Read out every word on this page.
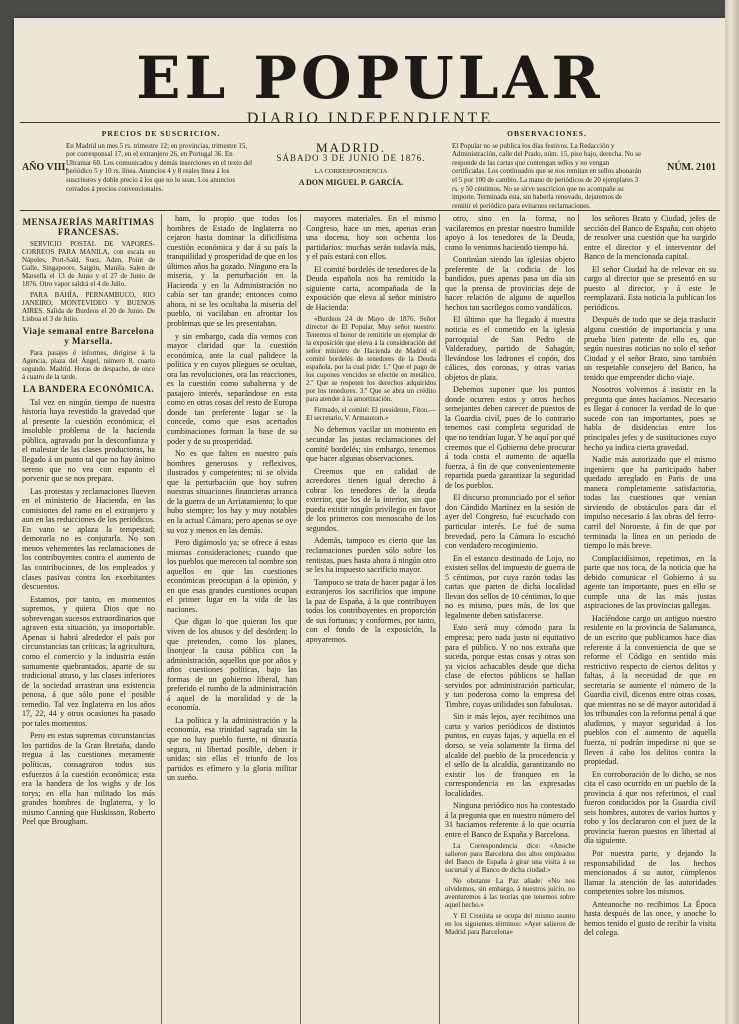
EL POPULAR
DIARIO INDEPENDIENTE
AÑO VIII.
PRECIOS DE SUSCRICION.
En Madrid un mes 5 rs. trimestre 12; en provincias, trimestre 15, por corresponsal 17, en el extranjero 26, en Portugal 36. En Ultramar 60. Los comunicados y demás inserciones en el texto del periódico 5 y 10 rs. línea. Anuncios 4 y 8 reales línea á los suscritores y doble precio á los que no lo sean. Los anuncios cerrados á precios convencionales.
MADRID.
SÁBADO 3 DE JUNIO DE 1876.
LA CORRESPONDENCIA
A DON MIGUEL P. GARCÍA.
OBSERVACIONES.
El Popular no se publica los días festivos. La Redacción y Administración, calle del Prado, núm. 15, piso bajo, derecha. No se responde de las cartas que contengan sellos y no vengan certificadas. Los contínuados que se nos remitan en sellos abonarán el 5 por 100 de cambio. La mano de periódicos de 20 ejemplares 3 rs. y 50 céntimos. No se sirve suscricion que no acompañe su importe. Terminada ésta, sin haberla renovado, dejaremos de remitir el periódico para evitarnos reclamaciones.
NÚM. 2101

MENSAJERÍAS MARÍTIMAS FRANCESAS.

SERVICIO POSTAL DE VAPORES-CORREOS PARA MANILA, con escala en Nápoles, Port-Saïd, Suez, Aden, Point de Galle, Singapoore, Saigón, Manila. Salen de Marsella el 13 de Junio y el 27 de Junio de 1876. Otro vapor saldrá el 4 de Julio.

PARA BAHÍA, PERNAMBUCO, RIO JANEIRO, MONTEVIDEO Y BUENOS AIRES. Salida de Burdeos el 20 de Junio. De Lisboa el 3 de Julio.

Viaje semanal entre Barcelona y Marsella.

Para pasajes é informes, dirigirse á la Agencia, plaza del Ángel, número 8, cuarto segundo. Madrid. Horas de despacho, de once á cuatro de la tarde.

LA BANDERA ECONÓMICA.

Tal vez en ningún tiempo de nuestra historia haya revestido la gravedad que al presente la cuestión económica; el insoluble problema de la hacienda pública, agravado por la desconfianza y el malestar de las clases productoras, ha llegado á un punto tal que no hay ánimo sereno que no vea con espanto el porvenir que se nos prepara.

Las protestas y reclamaciones llueven en el ministerio de Hacienda, en las comisiones del ramo en el extranjero y aun en las reducciones de los periódicos. En vano se aplaza la tempestad; demorarla no es conjurarla. No son menos vehementes las reclamaciones de los contribuyentes contra el aumento de las contribuciones, de los empleados y clases pasivas contra los exorbitantes descuentos.

Estamos, por tanto, en momentos supremos, y quiera Dios que no sobrevengan sucesos extraordinarios que agraven esta situación, ya insoportable. Apenas si habrá alrededor el país por circunstancias tan críticas; la agricultura, como el comercio y la industria están sumamente quebrantados, aparte de su tradicional atraso, y las clases inferiores de la sociedad arrastran una existencia penosa, á que sólo pone el posible remedio. Tal vez Inglaterra en los años 17, 22, 44 y otros ocasiones ha pasado por tales momentos.

Pero en estas supremas circunstancias los partidos de la Gran Bretaña, dando tregua á las cuestiones meramente políticas, consagraron todos sus esfuerzos á la cuestión económica; esta era la bandera de los wighs y de los torys; en ella han militado los más grandes hombres de Inglaterra, y lo mismo Canning que Huskisson, Roberto Peel que Brougham.

ham, lo propio que todos los hombres de Estado de Inglaterra no cejaron hasta dominar la dificilísima cuestión económica y dar á su país la tranquilidad y prosperidad de que en los últimos años ha gozado. Ninguno era la miseria, y la perturbación en la Hacienda y en la Administración no cabía ser tan grande; entonces como ahora, ni se les ocultaba la miseria del pueblo, ni vacilaban en afrontar los problemas que se les presentaban.

y sin embargo, cada día vemos con mayor claridad que la cuestión económica, ante la cual palidece la política y en cuyos pliegues se ocultan, ora las revoluciones, ora las reacciones, es la cuestión como subalterna y de pasajero interés, separándose en esta como en otras cosas del resto de Europa donde tan preferente lugar se la concede, como que esos acertados combinaciones forman la base de su poder y de su prosperidad.

No es que falten en nuestro país hombres generosos y reflexivos, ilustrados y competentes; ni se olvida que la perturbación que hoy sufren nuestras situaciones financieras arranca de la guerra de un Arriatamiento; lo que hubo siempre; los hay y muy notables en la actual Cámara; pero apenas se oye su voz y menos en las demás.

Pero digámoslo ya; se ofrece á estas mismas consideraciones; cuando que los pueblos que merecen tal nombre son aquellos en que las cuestiones económicas preocupan á la opinión, y en que esas grandes cuestiones ocupan el primer lugar en la vida de las naciones.

Que digan lo que quieran los que viven de los abusos y del desórden; lo que pretenden, como los planes, lisonjear la causa pública con la administración, aquellos que por años y años cuestiones políticas, bajo las formas de un gobierno liberal, han preferido el rumbo de la administración á aquel de la moralidad y de la economía.

La política y la administración y la economía, esa trinidad sagrada sin la que no hay pueblo fuerte, ni dinastía segura, ni libertad posible, deben ir unidas; sin ellas el triunfo de los partidos es efímero y la gloria militar un sueño.

mayores materiales. En el mismo Congreso, hace un mes, apenas eran una docena, hoy son ochenta los partidarios: muchas serán todavía más, y el país estará con ellos.

El comité bordelés de tenedores de la Deuda española nos ha remitido la siguiente carta, acompañada de la exposición que eleva al señor ministro de Hacienda:

«Burdeos 24 de Mayo de 1876. Señor director de El Popular. Muy señor nuestro: Tenemos el honor de remitirle un ejemplar de la exposición que eleva á la consideración del señor ministro de Hacienda de Madrid el comité bordelés de tenedores de la Deuda española, por la cual pide: 1.º Que el pago de los cupones vencidos se efectúe en metálico. 2.º Que se respeten los derechos adquiridos por los tenedores. 3.º Que se abra un crédito para atender á la amortización.

Firmado, el comité: El presidente, Fitou.—El secretario, V. Armauzom.»

No debemos vacilar un momento en secundar las justas reclamaciones del comité bordelés; sin embargo, tenemos que hacer algunas observaciones.

Creemos que en calidad de acreedores tienen igual derecho á cobrar los tenedores de la deuda exterior, que los de la interior, sin que pueda existir ningún privilegio en favor de los primeros con menoscabo de los segundos.

Además, tampoco es cierto que las reclamaciones pueden sólo sobre los rentistas, pues hasta ahora á ningún otro se les ha impuesto sacrificio mayor.

Tampoco se trata de hacer pagar á los extranjeros los sacrificios que impone la paz de España, á la que contribuyen todos los contribuyentes en proporción de sus fortunas; y conformes, por tanto, con el fondo de la exposición, la apoyaremos.

otro, sino en la forma, no vacilaremos en prestar nuestro humilde apoyo á los tenedores de la Deuda, como lo venimos haciendo tiempo há.

Continúan siendo las iglesias objeto preferente de la codicia de los bandidos, pues apenas pasa un día sin que la prensa de provincias deje de hacer relación de alguno de aquellos hechos tan sacrílegos como vandálicos.

El último que ha llegado á nuestra noticia es el cometido en la iglesia parroquial de San Pedro de Valderaduey, partido de Sahagún, llevándose los ladrones el copón, dos cálices, dos coronas, y otras varias objetos de plata.

Debemos suponer que los puntos donde ocurren estos y otros hechos semejantes deben carecer de puestos de la Guardia civil, pues de lo contrario tenemos casi completa seguridad de que no tendrían lugar. Y he aquí por qué creemos que el Gobierno debe procurar á toda costa el aumento de aquella fuerza, á fin de que convenientemente repartida pueda garantizar la seguridad de los pueblos.

El discurso pronunciado por el señor don Cándido Martínez en la sesión de ayer del Congreso, fué escuchado con particular interés. Le fué de suma brevedad, pero la Cámara lo escuchó con verdadero recogimiento.

En el estanco destinado de Lojo, no existen sellos del impuesto de guerra de 5 céntimos, por cuya razón todas las cartas que parten de dicha localidad llevan dos sellos de 10 céntimos, lo que no es mismo, pues más, de los que legalmente deben satisfacerse.

Esto será muy cómodo para la empresa; pero nada justo ni equitativo para el público. Y no nos extraña que suceda, porque estas cosas y otras son ya vicios achacables desde que dicha clase de efectos públicos se hallan servidos por administración particular, y tan poderosa como la empresa del Timbre, cuyas utilidades son fabulosas.

Sin ir más lejos, ayer recibimos una carta y varios periódicos de distintos puntos, en cuyas fajas, y aquella en el dorso, se veía solamente la firma del alcalde del pueblo de la procedencia y el sello de la alcaldía, garantizando no existir los de franqueo en la correspondencia en las expresadas localidades.

Ninguna periódico nos ha contestado á la pregunta que en nuestro número del 31 hacíamos referente á lo que ocurría entre el Banco de España y Barcelona.

La Correspondencia dice: «Anoche salieron para Barcelona dos altos empleados del Banco de España á girar una visita á su sucursal y al Banco de dicha ciudad.»

No obstante La Paz añade: «No nos olvidemos, sin embargo, á nuestros juicio, no aventuremos á las teorías que tenemos sobre aquel hecho.»

Y El Cronista se ocupa del mismo asunto en los siguientes términos: «Ayer salieron de Madrid para Barcelona»

los señores Brato y Ciudad, jefes de sección del Banco de España, con objeto de resolver una cuestión que ha surgido entre el director y el interventor del Banco de la mencionada capital.

El señor Ciudad ha de relevar en su cargo al director que se presentó en su puesto al director, y á este le reemplazará. Esta noticia la publican los periódicos.

Después de todo que se deja traslucir alguna cuestión de importancia y una prueba bien patente de ello es, que según nuestras noticias no solo el señor Ciudad y el señor Brato, sino también un respetable consejero del Banco, ha tenido que emprender dicho viaje.

Nosotros volvemos á insistir en la pregunta que ántes hacíamos. Necesario es llegar á conocer la verdad de lo que sucede con tan importantes, pues se habla de disidencias entre los principales jefes y de sustituciones cuyo hecho ya indica cierta gravedad.

Nadie más autorizado que el mismo ingeniero que ha participado haber quedado arreglado en Paris de una manera completamente satisfactoria, todas las cuestiones que venían sirviendo de obstáculos para dar el impulso necesario á las obras del ferro-carril del Noroeste, á fin de que por terminada la línea en un período de tiempo lo más breve.

Complacidísimos, repetimos, en la parte que nos toca, de la noticia que ha debido comunicar el Gobierno á su agente tan importante, pues en ello se cumple una de las más justas aspiraciones de las provincias gallegas.

Hacíéndose cargo un antiguo nuestro residente en la provincia de Salamanca, de un escrito que publicamos hace días referente á la conveniencia de que se reforme el Código en sentido más restrictivo respecto de ciertos delitos y faltas, á la necesidad de que en secretaría se aumente el número de la Guardia civil, dícenos entre otras cosas, que mientras no se dé mayor autoridad á los tribunales con la reforma penal á que aludimos, y mayor seguridad á los pueblos con el aumento de aquella fuerza, ni podrán impedirse ni que se lleven á cabo los delitos contra la propiedad.

En corroboración de lo dicho, se nos cita el caso ocurrido en un pueblo de la provincia á que nos referimos, el cual fueron conducidos por la Guardia civil seis hombres, autores de varios hurtos y robo y los declararon con el juez de la provincia fueron puestos en libertad al día siguiente.

Por nuestra parte, y dejando la responsabilidad de los hechos mencionados á su autor, cúmplenos llamar la atención de las autoridades competentes sobre los mismos.

Anteanoche no recibimos La Época hasta después de las once, y anoche lo hemos tenido el gusto de recibir la visita del colega.
